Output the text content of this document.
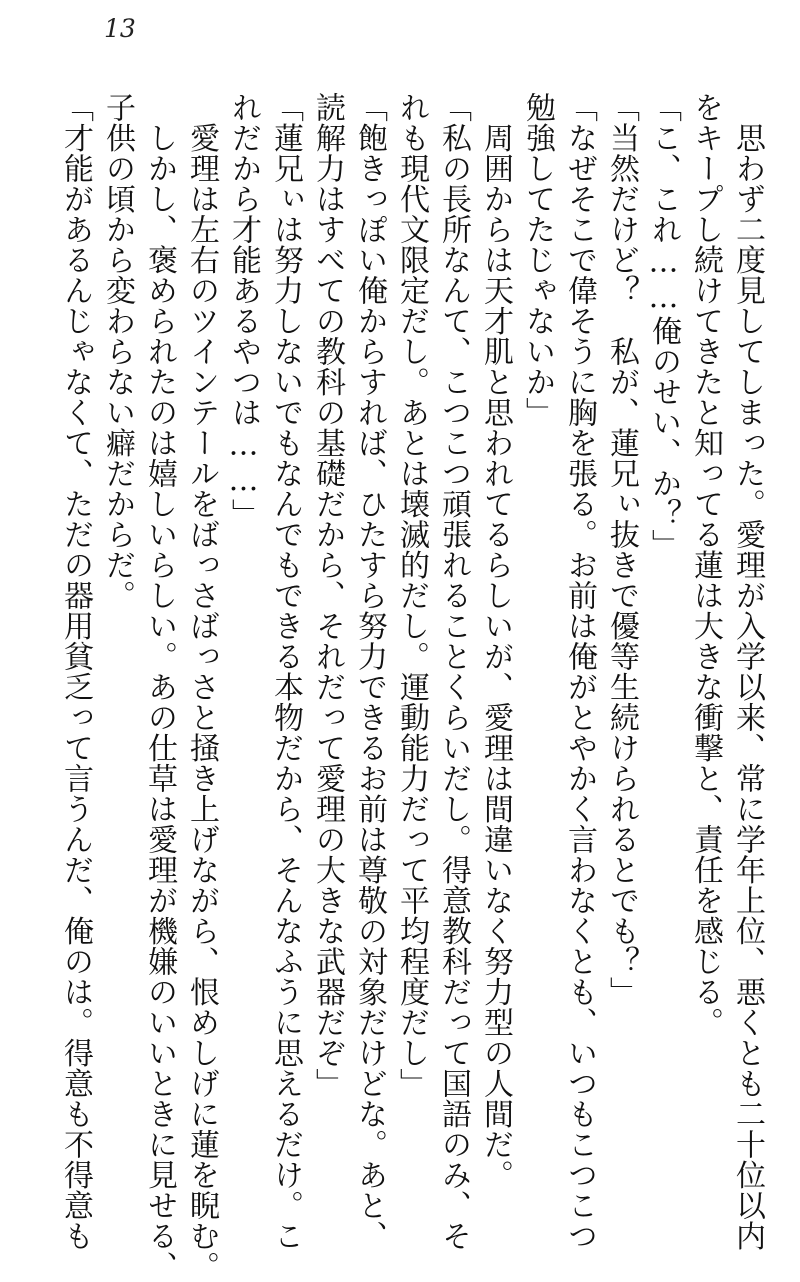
13

　思わず二度見してしまった。愛理が入学以来、常に学年上位、悪くとも二十位以内

をキープし続けてきたと知ってる蓮は大きな衝撃と、責任を感じる。

「こ、これ……俺のせい、か？」

「当然だけど？　私が、蓮兄ぃ抜きで優等生続けられるとでも？」

「なぜそこで偉そうに胸を張る。お前は俺がとやかく言わなくとも、いつもこつこつ

勉強してたじゃないか」

　周囲からは天才肌と思われてるらしいが、愛理は間違いなく努力型の人間だ。

「私の長所なんて、こつこつ頑張れることくらいだし。得意教科だって国語のみ、そ

れも現代文限定だし。あとは壊滅的だし。運動能力だって平均程度だし」

「飽きっぽい俺からすれば、ひたすら努力できるお前は尊敬の対象だけどな。あと、

読解力はすべての教科の基礎だから、それだって愛理の大きな武器だぞ」

「蓮兄ぃは努力しないでもなんでもできる本物だから、そんなふうに思えるだけ。こ

れだから才能あるやつは……」

　愛理は左右のツインテールをばっさばっさと掻き上げながら、恨めしげに蓮を睨む。

　しかし、褒められたのは嬉しいらしい。あの仕草は愛理が機嫌のいいときに見せる、

子供の頃から変わらない癖だからだ。

「才能があるんじゃなくて、ただの器用貧乏って言うんだ、俺のは。得意も不得意も
